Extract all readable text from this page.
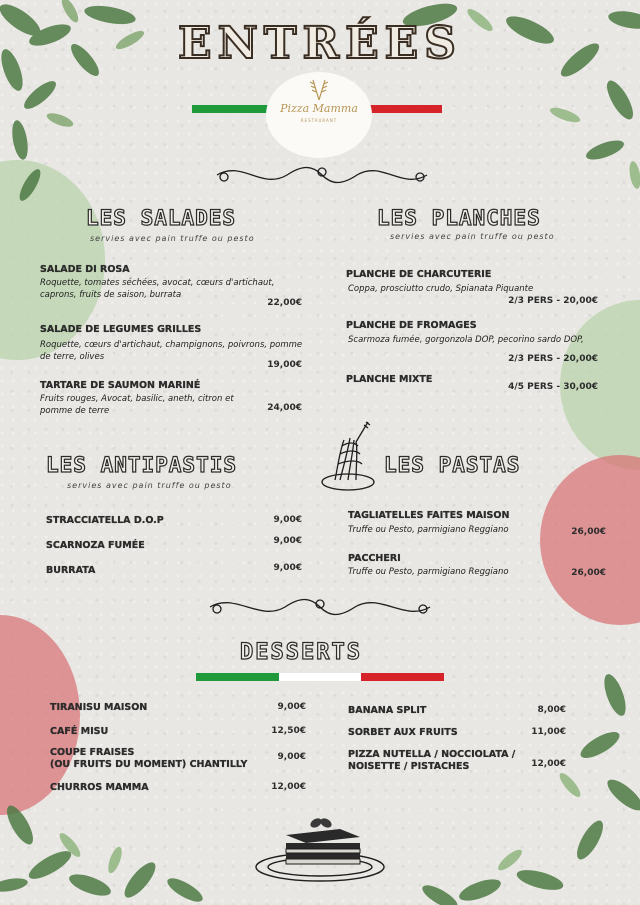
ENTRÉES
Pizza Mamma
RESTAURANT
LES SALADES
servies avec pain truffe ou pesto
SALADE DI ROSA
Roquette, tomates séchées, avocat, cœurs d'artichaut, caprons, fruits de saison, burrata
22,00€
SALADE DE LEGUMES GRILLES
Roquette, cœurs d'artichaut, champignons, poivrons, pomme de terre, olives
19,00€
TARTARE DE SAUMON MARINÉ
Fruits rouges, Avocat, basilic, aneth, citron et pomme de terre	24,00€
LES PLANCHES
servies avec pain truffe ou pesto
PLANCHE DE CHARCUTERIE
Coppa, prosciutto crudo, Spianata Piquante
2/3 PERS - 20,00€
PLANCHE DE FROMAGES
Scarmoza fumée, gorgonzola DOP, pecorino sardo DOP,
2/3 PERS - 20,00€
PLANCHE MIXTE
4/5 PERS - 30,00€
LES ANTIPASTIS
servies avec pain truffe ou pesto
STRACCIATELLA D.O.P	9,00€
SCARNOZA FUMÉE	9,00€
BURRATA	9,00€
LES PASTAS
TAGLIATELLES FAITES MAISON
Truffe ou Pesto, parmigiano Reggiano	26,00€
PACCHERI
Truffe ou Pesto, parmigiano Reggiano	26,00€
DESSERTS
TIRANISU MAISON	9,00€
CAFÉ MISU	12,50€
COUPE FRAISES
(OU FRUITS DU MOMENT) CHANTILLY
9,00€
CHURROS MAMMA	12,00€
BANANA SPLIT	8,00€
SORBET AUX FRUITS	11,00€
PIZZA NUTELLA / NOCCIOLATA /
NOISETTE / PISTACHES	12,00€
